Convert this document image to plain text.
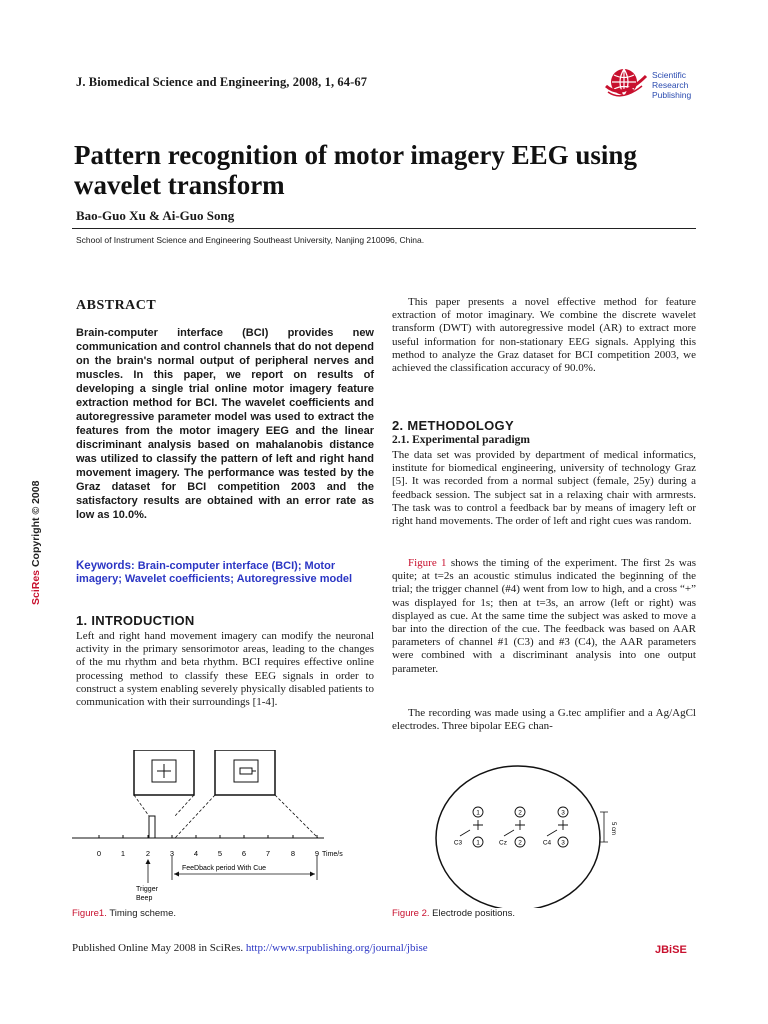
J. Biomedical Science and Engineering, 2008, 1, 64-67	Scientific
Research
Publishing
Pattern recognition of motor imagery EEG using wavelet transform
Bao-Guo Xu & Ai-Guo Song
School of Instrument Science and Engineering Southeast University, Nanjing 210096, China.
SciRes Copyright © 2008
ABSTRACT
Brain-computer interface (BCI) provides new communication and control channels that do not depend on the brain's normal output of peripheral nerves and muscles. In this paper, we report on results of developing a single trial online motor imagery feature extraction method for BCI. The wavelet coefficients and autoregressive parameter model was used to extract the features from the motor imagery EEG and the linear discriminant analysis based on mahalanobis distance was utilized to classify the pattern of left and right hand movement imagery. The performance was tested by the Graz dataset for BCI competition 2003 and the satisfactory results are obtained with an error rate as low as 10.0%.
Keywords: Brain-computer interface (BCI); Motor imagery; Wavelet coefficients; Autoregressive model
1. INTRODUCTION
Left and right hand movement imagery can modify the neuronal activity in the primary sensorimotor areas, leading to the changes of the mu rhythm and beta rhythm. BCI requires effective online processing method to classify these EEG signals in order to construct a system enabling severely physically disabled patients to communication with their surroundings [1-4].
This paper presents a novel effective method for feature extraction of motor imaginary. We combine the discrete wavelet transform (DWT) with autoregressive model (AR) to extract more useful information for non-stationary EEG signals. Applying this method to analyze the Graz dataset for BCI competition 2003, we achieved the classification accuracy of 90.0%.
2. METHODOLOGY
2.1. Experimental paradigm
The data set was provided by department of medical informatics, institute for biomedical engineering, university of technology Graz [5]. It was recorded from a normal subject (female, 25y) during a feedback session. The subject sat in a relaxing chair with armrests. The task was to control a feedback bar by means of imagery left or right hand movements. The order of left and right cues was random.
Figure 1 shows the timing of the experiment. The first 2s was quite; at t=2s an acoustic stimulus indicated the beginning of the trial; the trigger channel (#4) went from low to high, and a cross “+” was displayed for 1s; then at t=3s, an arrow (left or right) was displayed as cue. At the same time the subject was asked to move a bar into the direction of the cue. The feedback was based on AAR parameters of channel #1 (C3) and #3 (C4), the AAR parameters were combined with a discriminant analysis into one output parameter.
The recording was made using a G.tec amplifier and a Ag/AgCl electrodes. Three bipolar EEG chan-
0	1	2	3	4	5	6	7	8	9 Time/s
FeeDback period With Cue
Trigger
Beep
Figure1. Timing scheme.
1	2	3
C3 1	Cz 2	C4 3
5 cm
Figure 2. Electrode positions.
Published Online May 2008 in SciRes. http://www.srpublishing.org/journal/jbise	JBiSE
